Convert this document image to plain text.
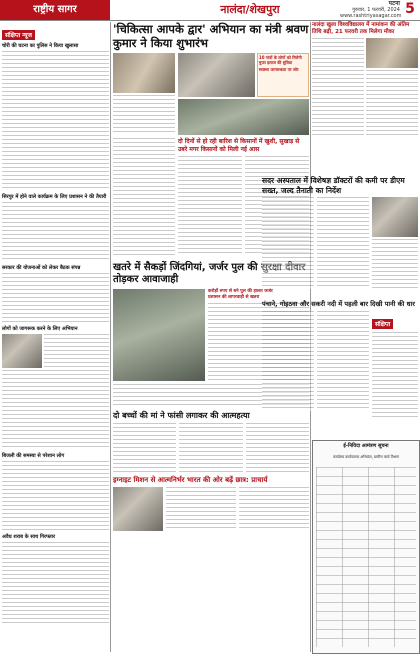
राष्ट्रीय सागर	नालंदा/शेखपुरा	पटना
गुरुवार, 1 फरवरी, 2024
www.rashtriyasagar.com 5
संक्षिप्त न्यूज
चोरी की घटना का पुलिस ने किया खुलासा
सिरपुर में होने वाले कार्यक्रम के लिए प्रशासन ने की तैयारी
सरकार की योजनाओं को लेकर बैठक संपन्न
लोगों को जागरूक करने के लिए अभियान
बिजली की समस्या से परेशान लोग
अवैध शराब के साथ गिरफ्तार
'चिकित्सा आपके द्वार' अभियान का मंत्री श्रवण कुमार ने किया शुभारंभ
10 गांवों के लोगों को मिलेगी मुफ्त इलाज की सुविधा
स्वास्थ्य जागरूकता पर जोर
दो दिनों से हो रही बारिश से किसानों में खुशी, सुखाड़ से उबरे मगर किसानों को मिली नई आस
खतरे में सैकड़ों जिंदगियां, जर्जर पुल की सुरक्षा दीवार तोड़कर आवाजाही
करोड़ों रुपए से बने पुल की हालत जर्जर
प्रशासन की लापरवाही से खतरा
दो बच्चों की मां ने फांसी लगाकर की आत्महत्या
इग्नाइट मिशन से आत्मनिर्भर भारत की ओर बढ़ें छात्र: प्राचार्य
नालंदा खुला विश्वविद्यालय में नामांकन की अंतिम तिथि बढ़ी, 21 फरवरी तक मिलेगा मौका
सदर अस्पताल में विशेषज्ञ डॉक्टरों की कमी पर डीएम सख्त, जल्द तैनाती का निर्देश
पंचाने, गोइठवा और सकरी नदी में पहली बार दिखी पानी की धार
संक्षिप्त
ई-निविदा आमंत्रण सूचना
कार्यालय कार्यपालक अभियंता, ग्रामीण कार्य विभाग
